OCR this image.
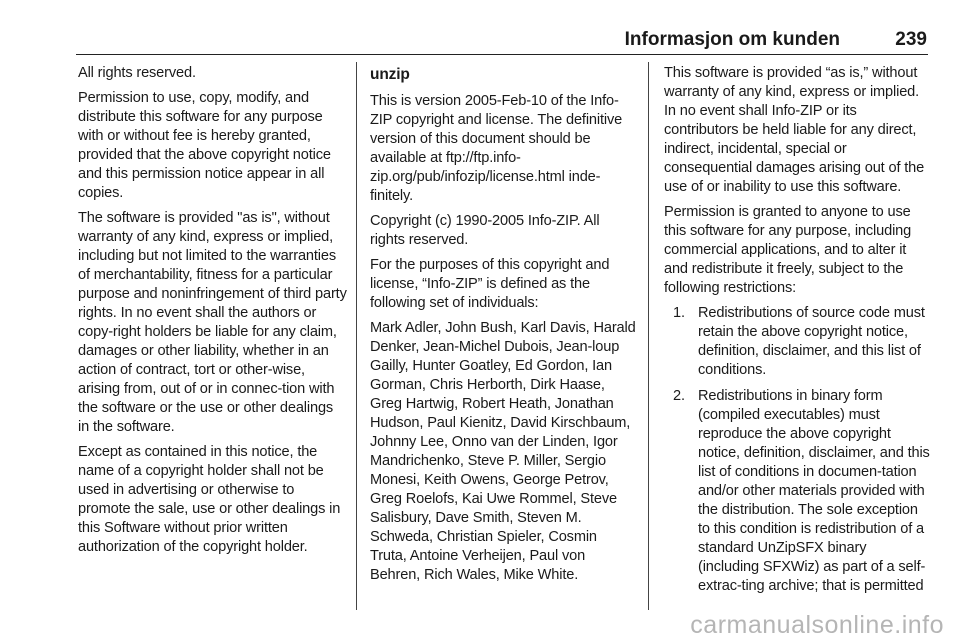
Informasjon om kunden	239

All rights reserved.

Permission to use, copy, modify, and distribute this software for any purpose with or without fee is hereby granted, provided that the above copyright notice and this permission notice appear in all copies.

The software is provided "as is", without warranty of any kind, express or implied, including but not limited to the warranties of merchantability, fitness for a particular purpose and noninfringement of third party rights. In no event shall the authors or copy-right holders be liable for any claim, damages or other liability, whether in an action of contract, tort or other-wise, arising from, out of or in connec-tion with the software or the use or other dealings in the software.

Except as contained in this notice, the name of a copyright holder shall not be used in advertising or otherwise to promote the sale, use or other dealings in this Software without prior written authorization of the copyright holder.

unzip

This is version 2005-Feb-10 of the Info-ZIP copyright and license. The definitive version of this document should be available at ftp://ftp.info-zip.org/pub/infozip/license.html inde-finitely.

Copyright (c) 1990-2005 Info-ZIP. All rights reserved.

For the purposes of this copyright and license, “Info-ZIP” is defined as the following set of individuals:

Mark Adler, John Bush, Karl Davis, Harald Denker, Jean-Michel Dubois, Jean-loup Gailly, Hunter Goatley, Ed Gordon, Ian Gorman, Chris Herborth, Dirk Haase, Greg Hartwig, Robert Heath, Jonathan Hudson, Paul Kienitz, David Kirschbaum, Johnny Lee, Onno van der Linden, Igor Mandrichenko, Steve P. Miller, Sergio Monesi, Keith Owens, George Petrov, Greg Roelofs, Kai Uwe Rommel, Steve Salisbury, Dave Smith, Steven M. Schweda, Christian Spieler, Cosmin Truta, Antoine Verheijen, Paul von Behren, Rich Wales, Mike White.

This software is provided “as is,” without warranty of any kind, express or implied. In no event shall Info-ZIP or its contributors be held liable for any direct, indirect, incidental, special or consequential damages arising out of the use of or inability to use this software.

Permission is granted to anyone to use this software for any purpose, including commercial applications, and to alter it and redistribute it freely, subject to the following restrictions:

1. Redistributions of source code must retain the above copyright notice, definition, disclaimer, and this list of conditions.
2. Redistributions in binary form (compiled executables) must reproduce the above copyright notice, definition, disclaimer, and this list of conditions in documen-tation and/or other materials provided with the distribution. The sole exception to this condition is redistribution of a standard UnZipSFX binary (including SFXWiz) as part of a self-extrac-ting archive; that is permitted
carmanualsonline.info
